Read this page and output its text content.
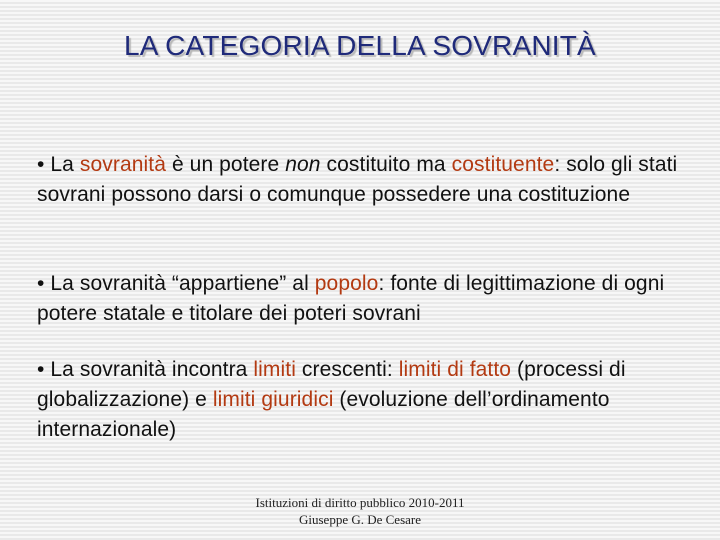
LA CATEGORIA DELLA SOVRANITÀ

• La sovranità è un potere non costituito ma costituente: solo gli stati sovrani possono darsi o comunque possedere una costituzione

• La sovranità “appartiene” al popolo: fonte di legittimazione di ogni potere statale e titolare dei poteri sovrani

• La sovranità incontra limiti crescenti: limiti di fatto (processi di globalizzazione) e limiti giuridici (evoluzione dell’ordinamento internazionale)

Istituzioni di diritto pubblico 2010-2011
Giuseppe G. De Cesare
